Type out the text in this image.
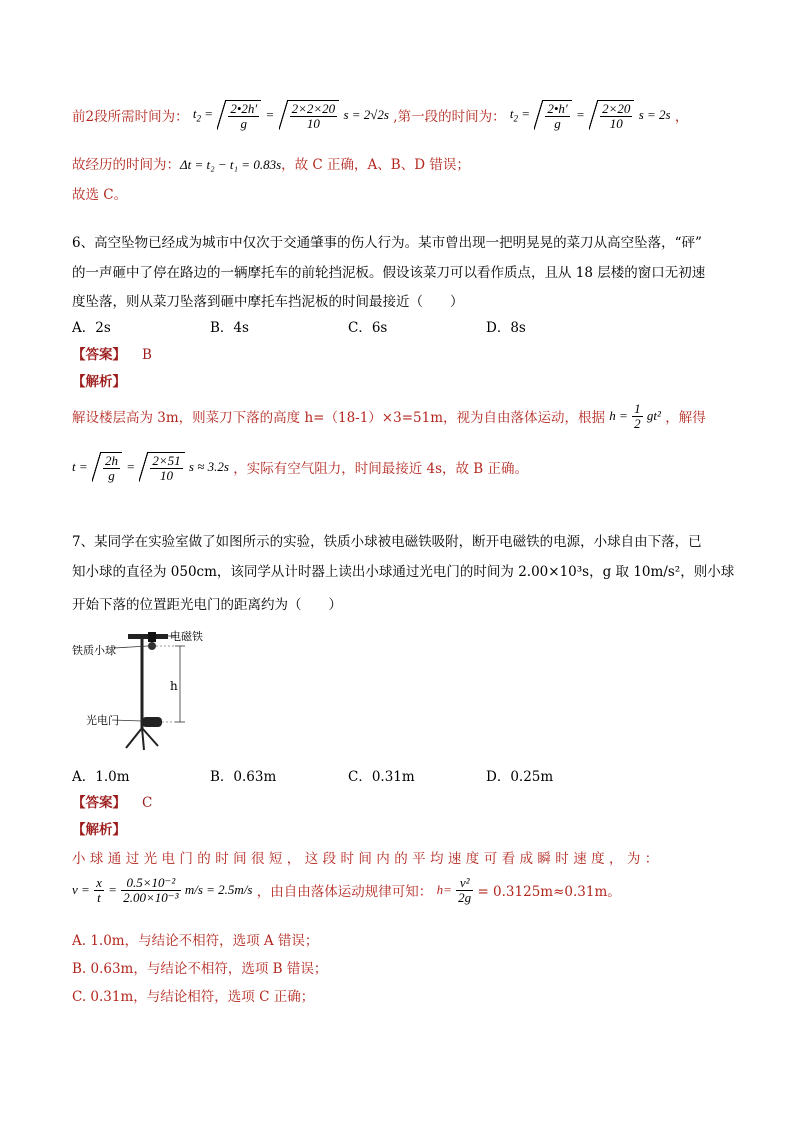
前2段所需时间为： $t_2 = \frac{2•2h'}{g} = \frac{2\times 2\times 20}{10}$ s = 2√2s ,第一段的时间为： $t_2 = \frac{2•h'}{g} = \frac{2\times 20}{10}$ s = 2s ，
故经历的时间为：Δt = t₂ − t₁ = 0.83s，故 C 正确，A、B、D 错误；
故选 C。
6、高空坠物已经成为城市中仅次于交通肇事的伤人行为。某市曾出现一把明晃晃的菜刀从高空坠落，“砰”
的一声砸中了停在路边的一辆摩托车的前轮挡泥板。假设该菜刀可以看作质点，且从 18 层楼的窗口无初速
度坠落，则从菜刀坠落到砸中摩托车挡泥板的时间最接近（　　）
A．2s	B．4s	C．6s	D．8s
【答案】 B
【解析】
解设楼层高为 3m，则菜刀下落的高度 h=（18-1）×3=51m，视为自由落体运动，根据 $h = \frac{1}{2} gt^2$ ，解得
$t = \frac{2h}{g} = \frac{2\times 51}{10}$ s ≈ 3.2s ，实际有空气阻力，时间最接近 4s，故 B 正确。
7、某同学在实验室做了如图所示的实验，铁质小球被电磁铁吸附，断开电磁铁的电源，小球自由下落，已
知小球的直径为 050cm，该同学从计时器上读出小球通过光电门的时间为 2.00×10³s，g 取 10m/s²，则小球
开始下落的位置距光电门的距离约为（　　）
电磁铁
铁质小球
h
光电门
A．1.0m	B．0.63m	C．0.31m	D．0.25m
【答案】 C
【解析】
小球通过光电门的时间很短，这段时间内的平均速度可看成瞬时速度，为：
$v = \frac{x}{t} = \frac{\text{0.5×10⁻²}}{\text{2.00×10⁻³}} m/s = 2.5m/s$ ，由自由落体运动规律可知： $h= \frac{\text{v²}}{2g} = 0.3125m\approx 0.31m$。
A. 1.0m，与结论不相符，选项 A 错误；
B. 0.63m，与结论不相符，选项 B 错误；
C. 0.31m，与结论相符，选项 C 正确；
